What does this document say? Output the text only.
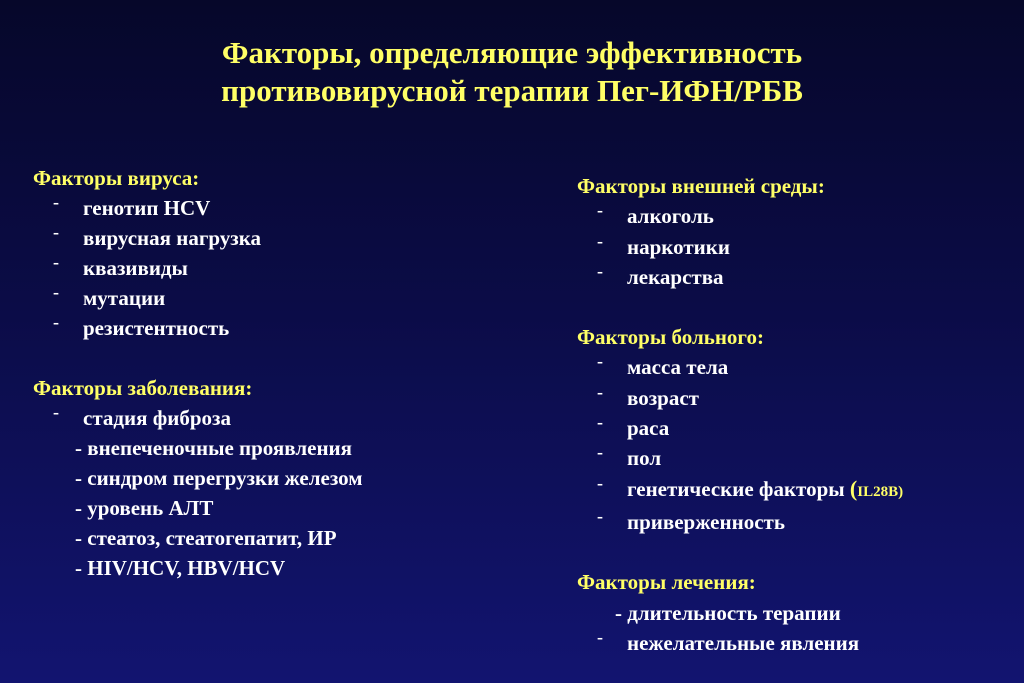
Факторы, определяющие эффективность
противовирусной терапии Пег-ИФН/РБВ
Факторы вируса:
- генотип HCV
- вирусная нагрузка
- квазивиды
- мутации
- резистентность
Факторы заболевания:
- стадия фиброза
- внепеченочные проявления
- синдром перегрузки железом
- уровень АЛТ
- стеатоз, стеатогепатит, ИР
- HIV/HCV, HBV/HCV
Факторы внешней среды:
- алкоголь
- наркотики
- лекарства
Факторы больного:
- масса тела
- возраст
- раса
- пол
- генетические факторы (IL28B)
- приверженность
Факторы лечения:
- длительность терапии
- нежелательные явления
